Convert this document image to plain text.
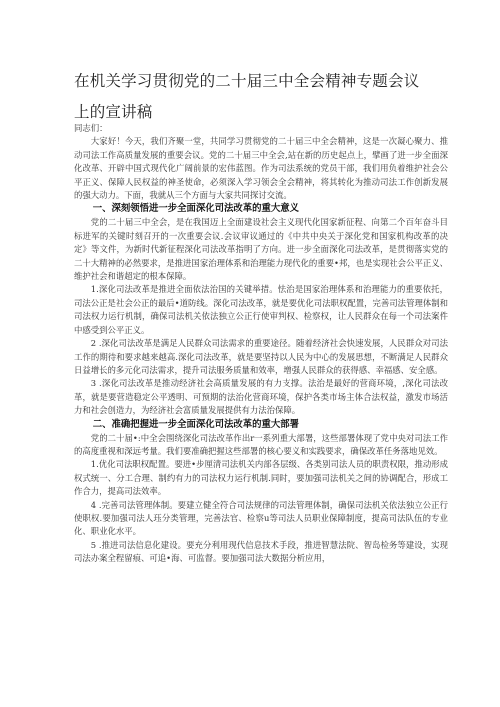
在机关学习贯彻党的二十届三中全会精神专题会议上的宣讲稿

同志们：

大家好！今天，我们齐聚一堂，共同学习贯彻党的二十届三中全会精神，这是一次凝心聚力、推动司法工作高质量发展的重要会议。党的二十届三中全会,站在新的历史起点上，擘画了进一步全面深化改革、开辟中国式现代化广阔前景的宏伟蓝图。作为司法系统的党员干部，我们用负着维护社会公平正义、保障人民权益的神圣使命，必须深入学习领会全会精神，将其转化为推动司法工作创新发展的强大动力。下面，我就从三个方面与大家共同探讨交流。

一、深刻领悟进一步全面深化司法改革的重大意义

党的二十届三中全会，是在我国迈上全面建设社会主义现代化国家新征程、向第二个百年奋斗目标进军的关键时刻召开的一次重要会议.会议审议通过的《中共中央关于深化党和国家机构改革的决定》等文件，为新时代新征程深化司法改革指明了方向。进一步全面深化司法改革，是贯彻落实党的二十大精神的必然要求，是推进国家治理体系和治理能力现代化的重要•邦，也是实现社会公平正义、维护社会和谐超定的根本保障。

1.深化司法改革是推进全面依法治国的关键举措。怯治是国家治理体系和治理能力的重要依托，司法公正是社会公正的最后•道防线。深化司法改革，就是要优化司法职权配置，完善司法管理体制和司法权力运行机制，确保司法机关依法独立公正行使审判权、检察权，让人民群众在每一个司法案件中感受到公平正义。

2 .深化司法改革是满足人民群众司法需求的重要途径。随着经济社会快速发展，人民群众对司法工作的期待和要求越来越高.深化司法改革，就是要坚持以人民为中心的发展思想，不断满足人民群众日益增长的多元化司法需求，提升司法服务质量和效率，增强人民群众的获得感、幸福感、安全感。

3 .深化司法改革是推动经济社会高质量发展的有力支撑。法治是最好的营商环境，,深化司法改革，就是要营造稳定公平透明、可预期的法治化营商环境，保护各类市场主体合法权益，激发市场活力和社会创造力，为经济社会富质量发展提供有力法治保障。

二、准确把握进一步全面深化司法改革的重大部署

党的二十届•:中全会围绕深化司法改革作出r一系列重大部署，这些部署体现了党中央对司法工作的高度重视和深远考量。我们要准确把握这些部署的核心要义和实践要求，确保改革任务落地见效。

1.优化司法职权配置。要进•步厘清司法机关内部各层级、各类别司法人员的职责权限，推动形成权式统一、分工合理、制约有力的司法权力运行机制.同时，要加强司法机关之间的协调配合，形成工作合力，提高司法效率。

4 .完善司法管理体制。要建立健全符合司法规律的司法管理体制，确保司法机关依法独立公正行使职权.要加强司法人珏分类管理，完善法官、检察u等司法人员职业保障制度，提高司法队伍的专业化、职业化水平。

5 .推进司法信息化建设。要充分利用现代信息技术手段，推进智慧法院、智岛检务等建设，实现司法办案全程留痕、可追•海、可监督。要加强司法大数据分析应用，
